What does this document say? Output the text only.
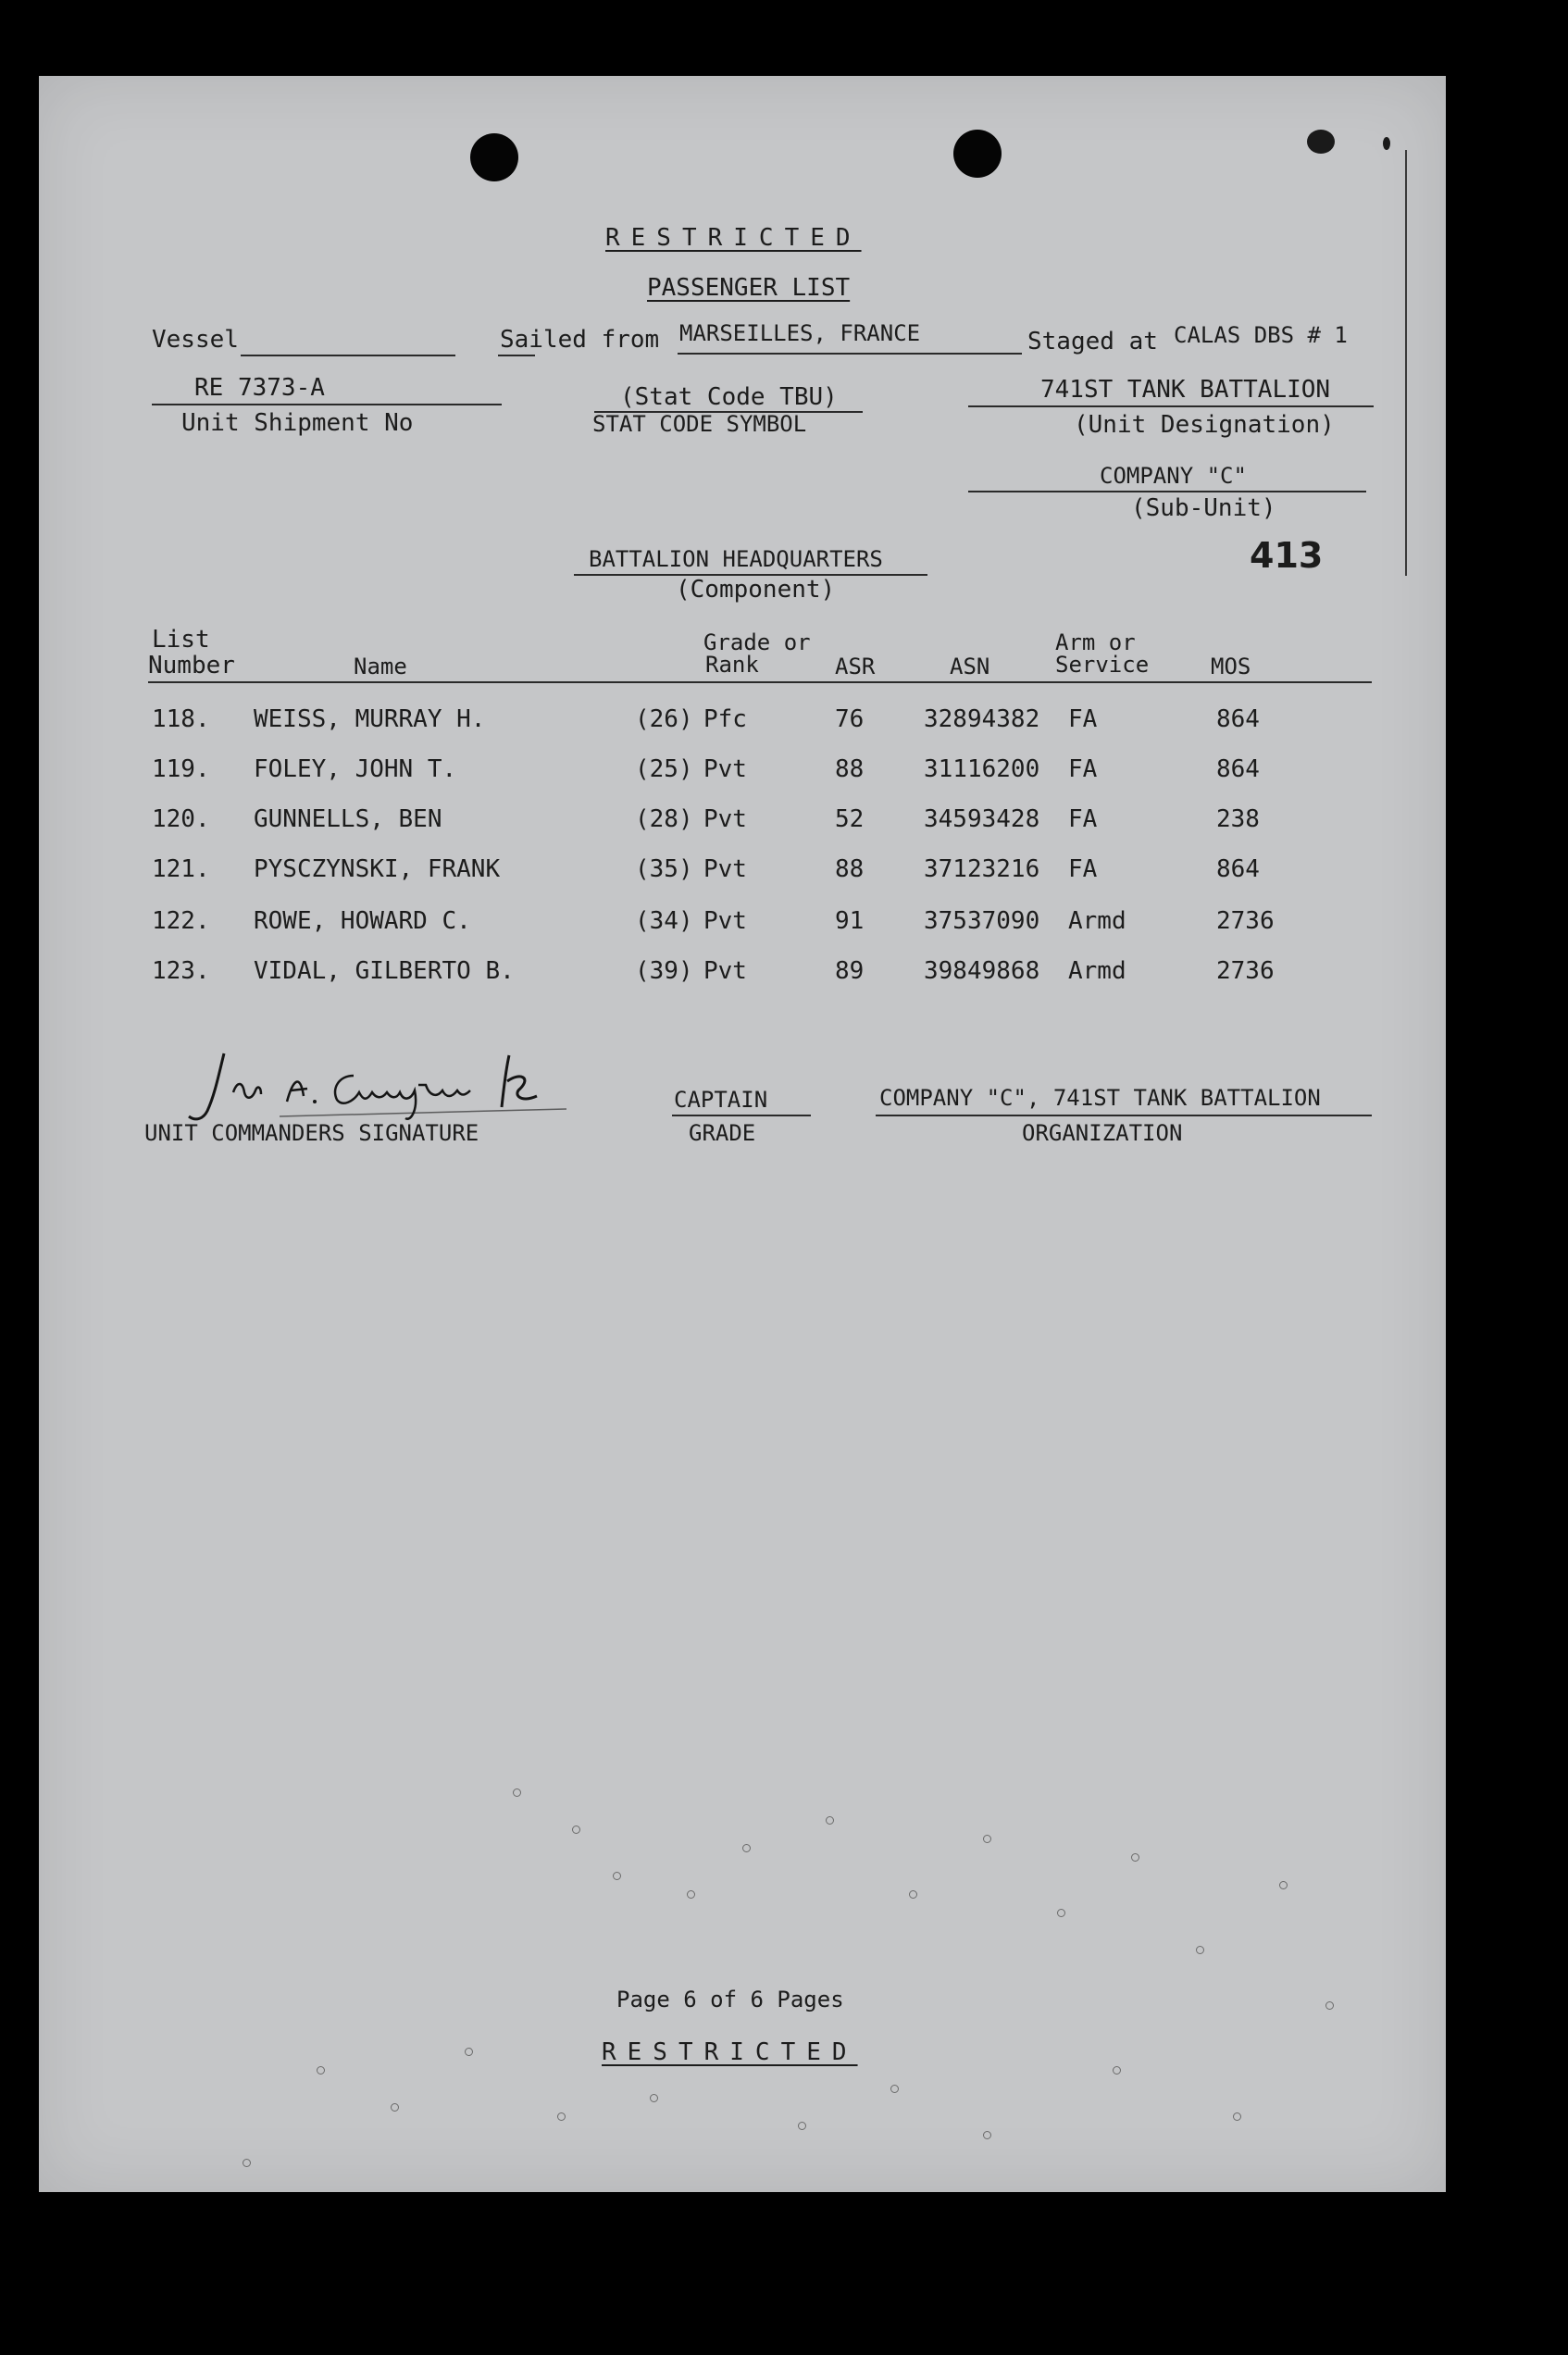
RESTRICTED
PASSENGER LIST
Vessel	Sailed from MARSEILLES, FRANCE	Staged at CALAS DBS # 1
RE 7373-A
Unit Shipment No
(Stat Code TBU)
STAT CODE SYMBOL
741ST TANK BATTALION
(Unit Designation)
COMPANY "C"
(Sub-Unit)
BATTALION HEADQUARTERS
(Component)
413
List
Number	Name
Grade or
Rank	ASR	ASN
Arm or
Service	MOS
118. WEISS, MURRAY H.	(26) Pfc	76 32894382 FA	864
119. FOLEY, JOHN T.	(25) Pvt	88 31116200 FA	864
120. GUNNELLS, BEN	(28) Pvt	52 34593428 FA	238
121. PYSCZYNSKI, FRANK	(35) Pvt	88 37123216 FA	864
122. ROWE, HOWARD C.	(34) Pvt	91 37537090 Armd	2736
123. VIDAL, GILBERTO B.	(39) Pvt	89 39849868 Armd	2736
UNIT COMMANDERS SIGNATURE
CAPTAIN
GRADE
COMPANY "C", 741ST TANK BATTALION
ORGANIZATION
Page 6 of 6 Pages
RESTRICTED
